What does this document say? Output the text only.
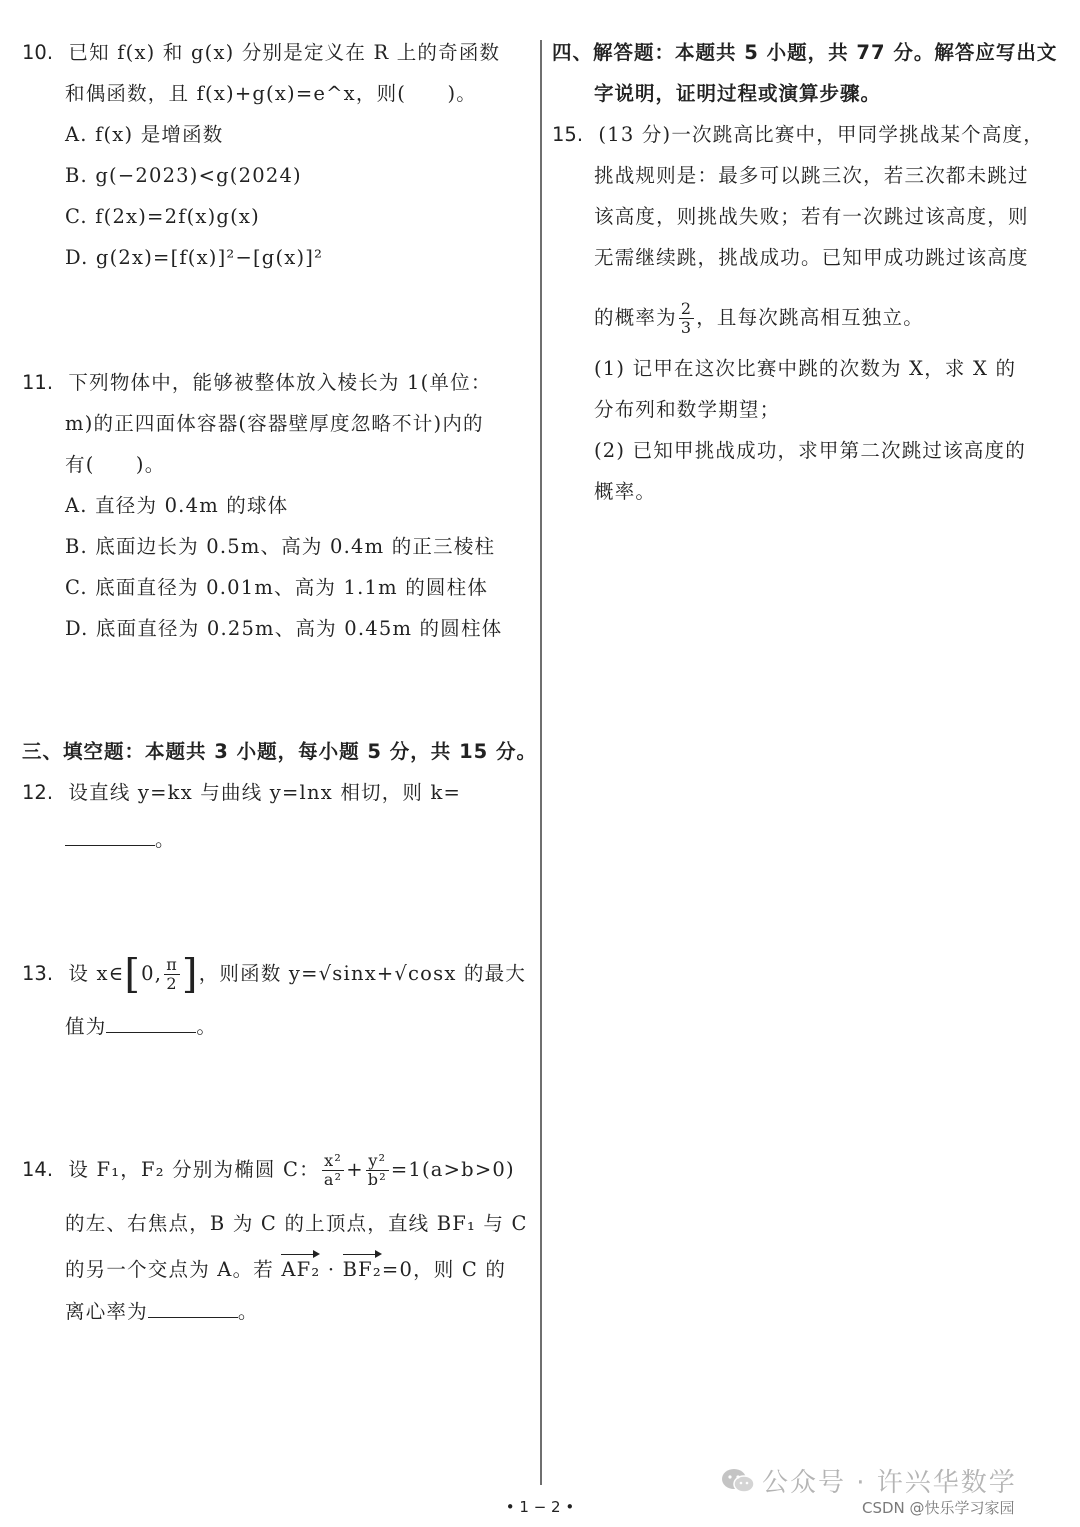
10. 已知 f(x) 和 g(x) 分别是定义在 R 上的奇函数
和偶函数，且 f(x)+g(x)=e^x，则(　　)。
A. f(x) 是增函数
B. g(−2023)<g(2024)
C. f(2x)=2f(x)g(x)
D. g(2x)=[f(x)]²−[g(x)]²
11. 下列物体中，能够被整体放入棱长为 1(单位：
m)的正四面体容器(容器壁厚度忽略不计)内的
有(　　)。
A. 直径为 0.4m 的球体
B. 底面边长为 0.5m、高为 0.4m 的正三棱柱
C. 底面直径为 0.01m、高为 1.1m 的圆柱体
D. 底面直径为 0.25m、高为 0.45m 的圆柱体
三、填空题：本题共 3 小题，每小题 5 分，共 15 分。
12. 设直线 y=kx 与曲线 y=lnx 相切，则 k=
。
13. 设 x∈[0, $\frac{\pi}{2}$ ]，则函数 y=√sinx+√cosx 的最大
值为	。
14. 设 F₁，F₂ 分别为椭圆 C： $\frac{\text{x²}}{\text{a²}} + \frac{\text{y²}}{\text{b²}} =1(a>b>0)$
的左、右焦点，B 为 C 的上顶点，直线 BF₁ 与 C
的另一个交点为 A。若 AF₂ · BF₂=0，则 C 的
离心率为	。
四、解答题：本题共 5 小题，共 77 分。解答应写出文
字说明，证明过程或演算步骤。
15. (13 分)一次跳高比赛中，甲同学挑战某个高度，
挑战规则是：最多可以跳三次，若三次都未跳过
该高度，则挑战失败；若有一次跳过该高度，则
无需继续跳，挑战成功。已知甲成功跳过该高度
的概率为 $\frac{2}{3}$ ，且每次跳高相互独立。
(1) 记甲在这次比赛中跳的次数为 X，求 X 的
分布列和数学期望；
(2) 已知甲挑战成功，求甲第二次跳过该高度的
概率。
公众号 · 许兴华数学
• 1 − 2 •	CSDN @快乐学习家园
